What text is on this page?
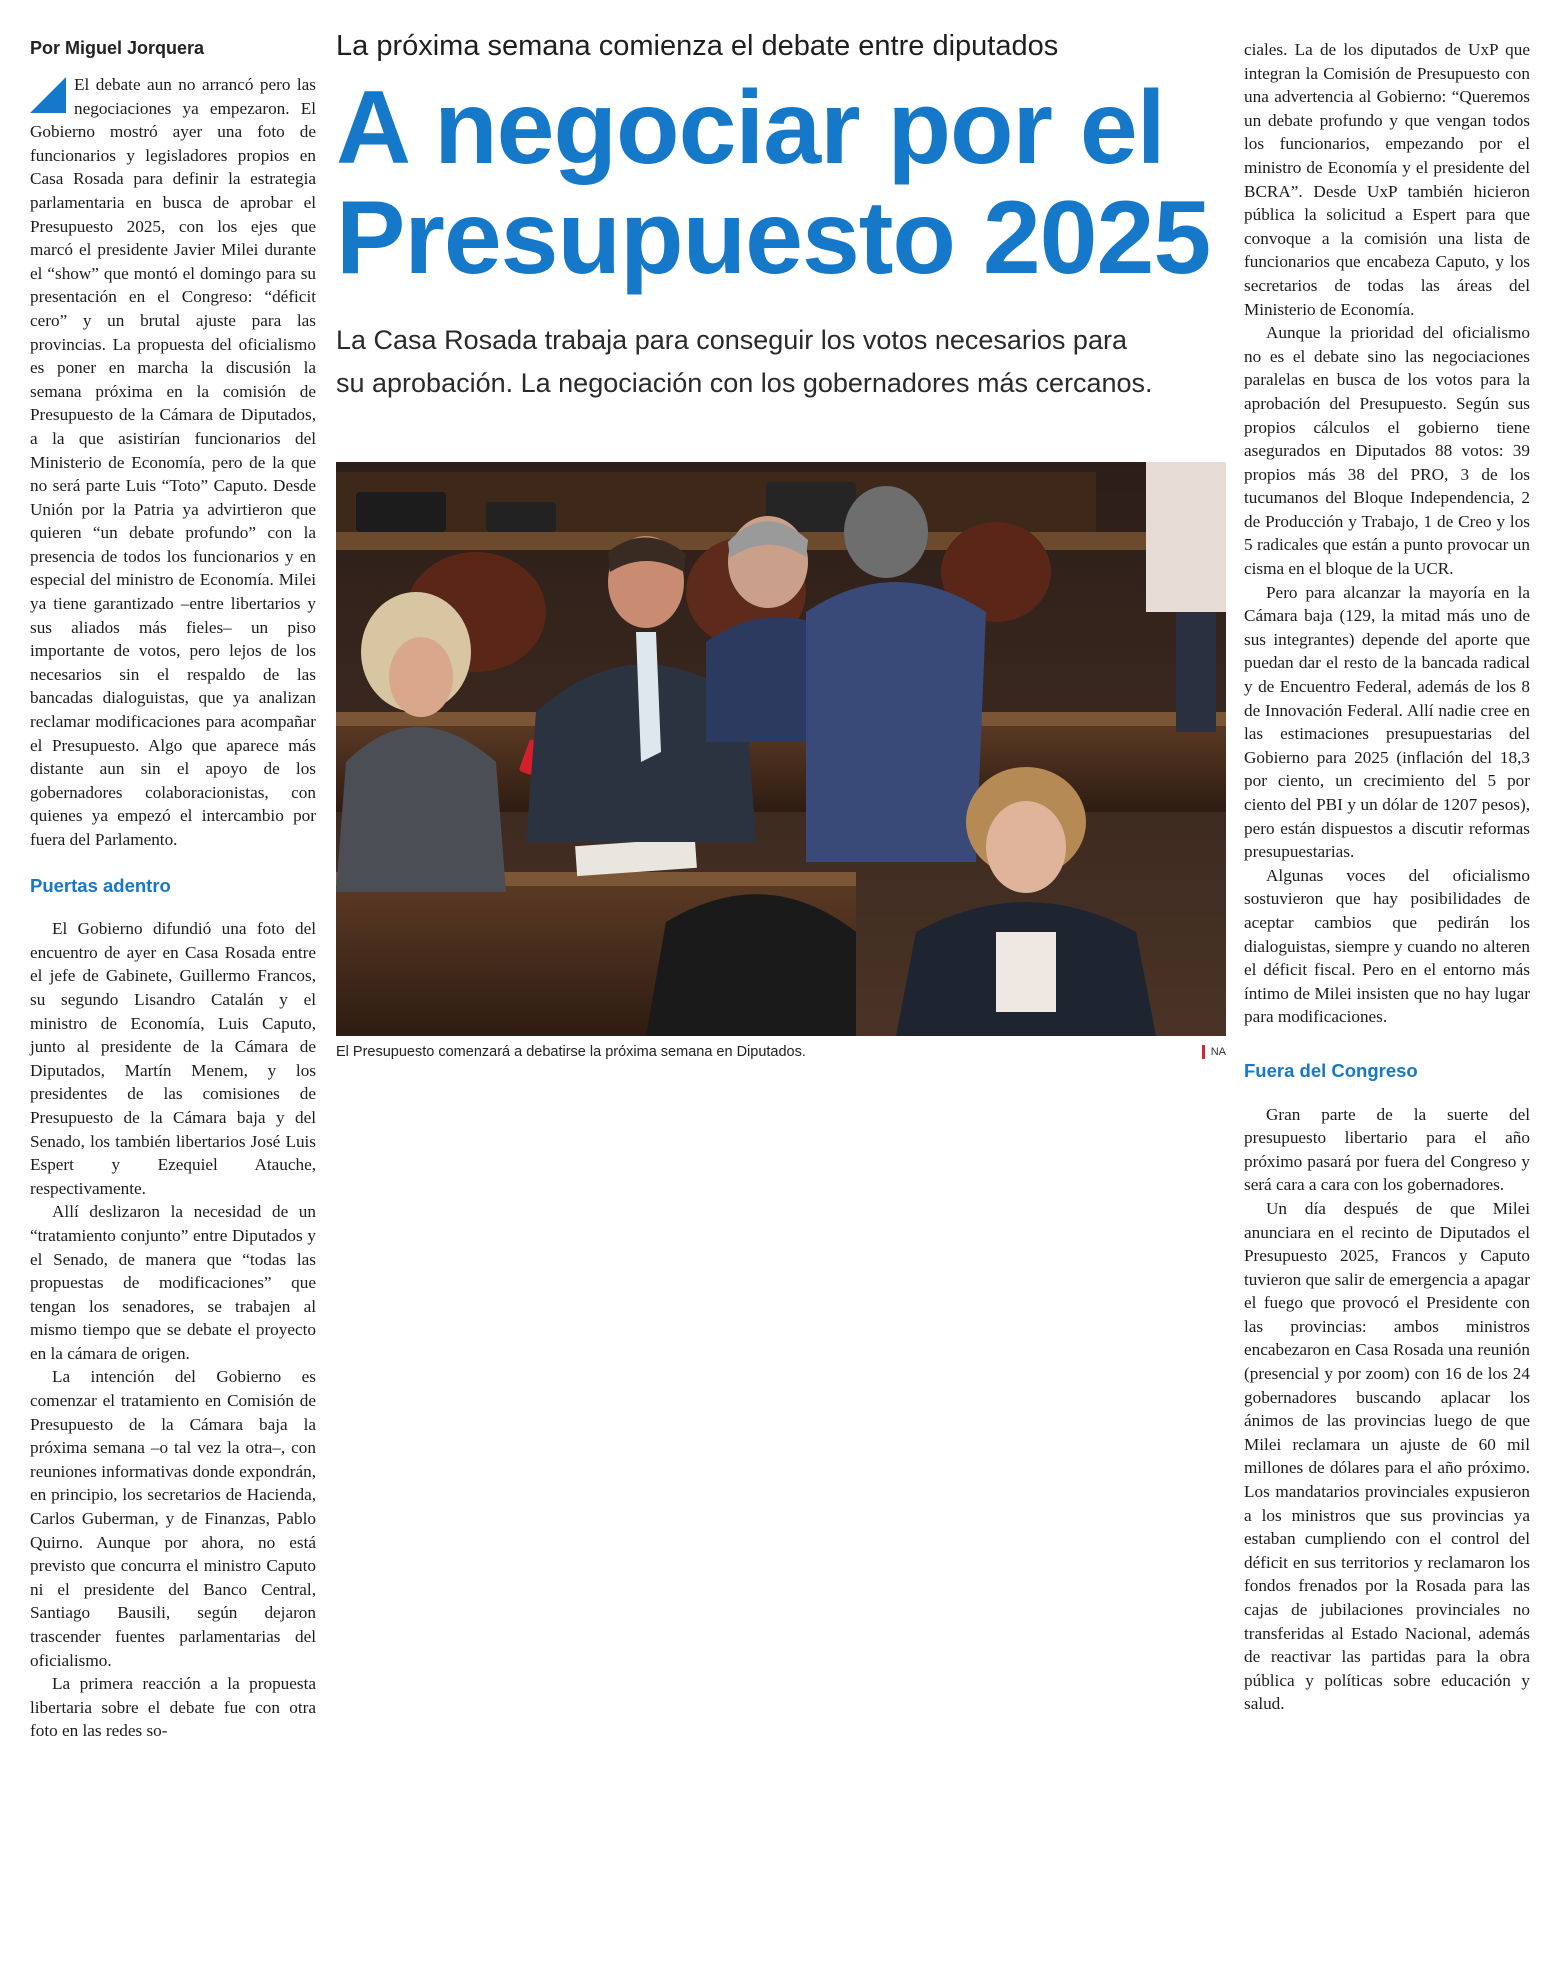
Por Miguel Jorquera

El debate aun no arrancó pero las negociaciones ya empezaron. El Gobierno mostró ayer una foto de funcionarios y legisladores propios en Casa Rosada para definir la estrategia parlamentaria en busca de aprobar el Presupuesto 2025, con los ejes que marcó el presidente Javier Milei durante el “show” que montó el domingo para su presentación en el Congreso: “déficit cero” y un brutal ajuste para las provincias. La propuesta del oficialismo es poner en marcha la discusión la semana próxima en la comisión de Presupuesto de la Cámara de Diputados, a la que asistirían funcionarios del Ministerio de Economía, pero de la que no será parte Luis “Toto” Caputo. Desde Unión por la Patria ya advirtieron que quieren “un debate profundo” con la presencia de todos los funcionarios y en especial del ministro de Economía. Milei ya tiene garantizado –entre libertarios y sus aliados más fieles– un piso importante de votos, pero lejos de los necesarios sin el respaldo de las bancadas dialoguistas, que ya analizan reclamar modificaciones para acompañar el Presupuesto. Algo que aparece más distante aun sin el apoyo de los gobernadores colaboracionistas, con quienes ya empezó el intercambio por fuera del Parlamento.

Puertas adentro

El Gobierno difundió una foto del encuentro de ayer en Casa Rosada entre el jefe de Gabinete, Guillermo Francos, su segundo Lisandro Catalán y el ministro de Economía, Luis Caputo, junto al presidente de la Cámara de Diputados, Martín Menem, y los presidentes de las comisiones de Presupuesto de la Cámara baja y del Senado, los también libertarios José Luis Espert y Ezequiel Atauche, respectivamente.

Allí deslizaron la necesidad de un “tratamiento conjunto” entre Diputados y el Senado, de manera que “todas las propuestas de modificaciones” que tengan los senadores, se trabajen al mismo tiempo que se debate el proyecto en la cámara de origen.

La intención del Gobierno es comenzar el tratamiento en Comisión de Presupuesto de la Cámara baja la próxima semana –o tal vez la otra–, con reuniones informativas donde expondrán, en principio, los secretarios de Hacienda, Carlos Guberman, y de Finanzas, Pablo Quirno. Aunque por ahora, no está previsto que concurra el ministro Caputo ni el presidente del Banco Central, Santiago Bausili, según dejaron trascender fuentes parlamentarias del oficialismo.

La primera reacción a la propuesta libertaria sobre el debate fue con otra foto en las redes so-

La próxima semana comienza el debate entre diputados
A negociar por el
Presupuesto 2025
La Casa Rosada trabaja para conseguir los votos necesarios para
su aprobación. La negociación con los gobernadores más cercanos.
El Presupuesto comenzará a debatirse la próxima semana en Diputados.	NA

ciales. La de los diputados de UxP que integran la Comisión de Presupuesto con una advertencia al Gobierno: “Queremos un debate profundo y que vengan todos los funcionarios, empezando por el ministro de Economía y el presidente del BCRA”. Desde UxP también hicieron pública la solicitud a Espert para que convoque a la comisión una lista de funcionarios que encabeza Caputo, y los secretarios de todas las áreas del Ministerio de Economía.

Aunque la prioridad del oficialismo no es el debate sino las negociaciones paralelas en busca de los votos para la aprobación del Presupuesto. Según sus propios cálculos el gobierno tiene asegurados en Diputados 88 votos: 39 propios más 38 del PRO, 3 de los tucumanos del Bloque Independencia, 2 de Producción y Trabajo, 1 de Creo y los 5 radicales que están a punto provocar un cisma en el bloque de la UCR.

Pero para alcanzar la mayoría en la Cámara baja (129, la mitad más uno de sus integrantes) depende del aporte que puedan dar el resto de la bancada radical y de Encuentro Federal, además de los 8 de Innovación Federal. Allí nadie cree en las estimaciones presupuestarias del Gobierno para 2025 (inflación del 18,3 por ciento, un crecimiento del 5 por ciento del PBI y un dólar de 1207 pesos), pero están dispuestos a discutir reformas presupuestarias.

Algunas voces del oficialismo sostuvieron que hay posibilidades de aceptar cambios que pedirán los dialoguistas, siempre y cuando no alteren el déficit fiscal. Pero en el entorno más íntimo de Milei insisten que no hay lugar para modificaciones.

Fuera del Congreso

Gran parte de la suerte del presupuesto libertario para el año próximo pasará por fuera del Congreso y será cara a cara con los gobernadores.

Un día después de que Milei anunciara en el recinto de Diputados el Presupuesto 2025, Francos y Caputo tuvieron que salir de emergencia a apagar el fuego que provocó el Presidente con las provincias: ambos ministros encabezaron en Casa Rosada una reunión (presencial y por zoom) con 16 de los 24 gobernadores buscando aplacar los ánimos de las provincias luego de que Milei reclamara un ajuste de 60 mil millones de dólares para el año próximo. Los mandatarios provinciales expusieron a los ministros que sus provincias ya estaban cumpliendo con el control del déficit en sus territorios y reclamaron los fondos frenados por la Rosada para las cajas de jubilaciones provinciales no transferidas al Estado Nacional, además de reactivar las partidas para la obra pública y políticas sobre educación y salud.
